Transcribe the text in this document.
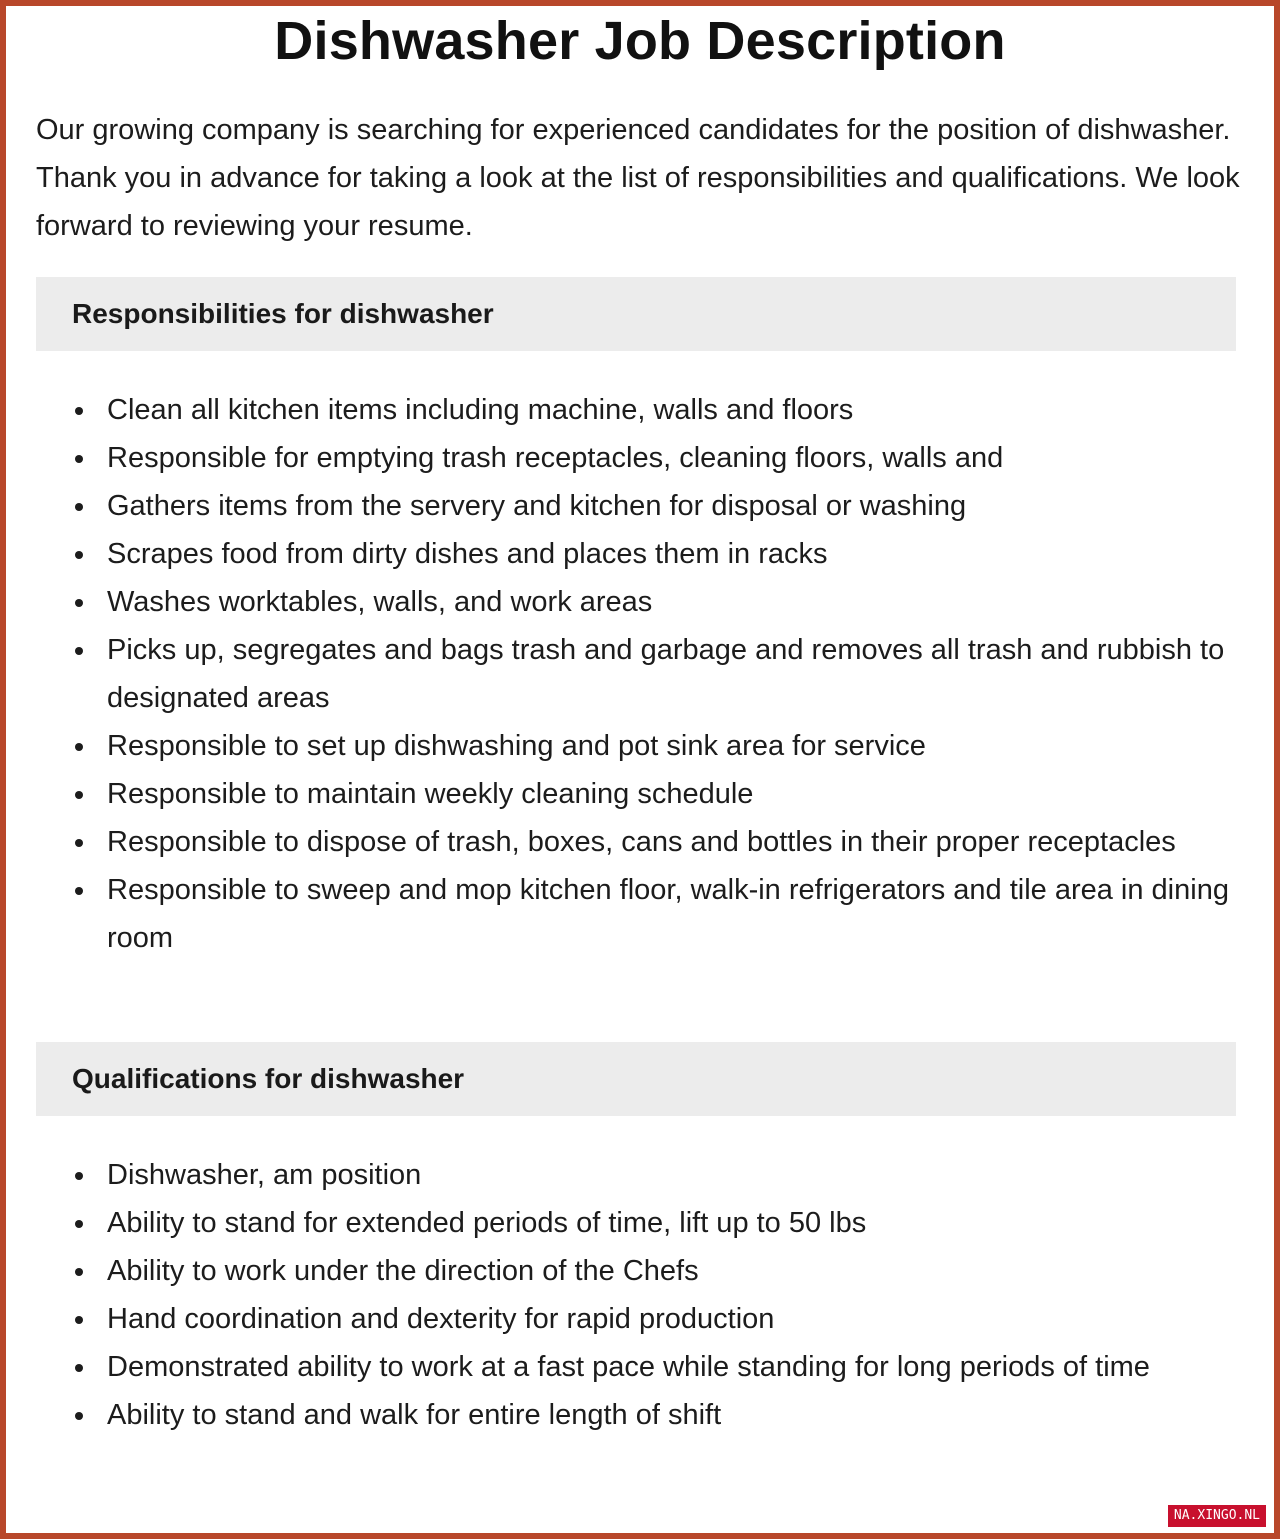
Dishwasher Job Description

Our growing company is searching for experienced candidates for the position of dishwasher. Thank you in advance for taking a look at the list of responsibilities and qualifications. We look forward to reviewing your resume.

Responsibilities for dishwasher
Clean all kitchen items including machine, walls and floors
Responsible for emptying trash receptacles, cleaning floors, walls and
Gathers items from the servery and kitchen for disposal or washing
Scrapes food from dirty dishes and places them in racks
Washes worktables, walls, and work areas
Picks up, segregates and bags trash and garbage and removes all trash and rubbish to designated areas
Responsible to set up dishwashing and pot sink area for service
Responsible to maintain weekly cleaning schedule
Responsible to dispose of trash, boxes, cans and bottles in their proper receptacles
Responsible to sweep and mop kitchen floor, walk-in refrigerators and tile area in dining room
Qualifications for dishwasher
Dishwasher, am position
Ability to stand for extended periods of time, lift up to 50 lbs
Ability to work under the direction of the Chefs
Hand coordination and dexterity for rapid production
Demonstrated ability to work at a fast pace while standing for long periods of time
Ability to stand and walk for entire length of shift
NA.XINGO.NL
